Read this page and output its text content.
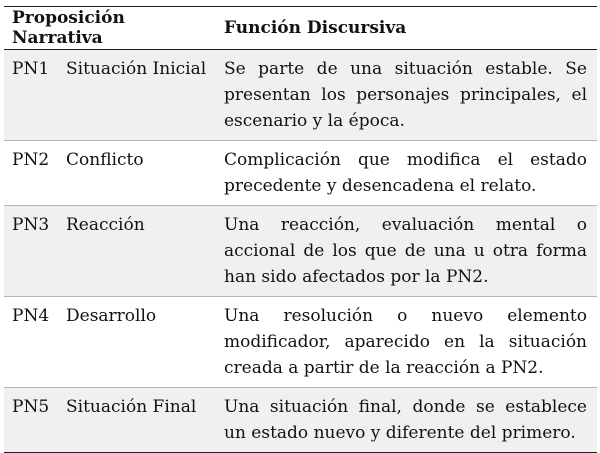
Proposición Narrativa	Función Discursiva
PN1 Situación Inicial	Se parte de una situación estable. Se presentan los personajes principales, el escenario y la época.
PN2 Conflicto	Complicación que modifica el estado precedente y desencadena el relato.
PN3 Reacción	Una reacción, evaluación mental o accional de los que de una u otra forma han sido afectados por la PN2.
PN4 Desarrollo	Una resolución o nuevo elemento modificador, aparecido en la situación creada a partir de la reacción a PN2.
PN5 Situación Final	Una situación final, donde se establece un estado nuevo y diferente del primero.
